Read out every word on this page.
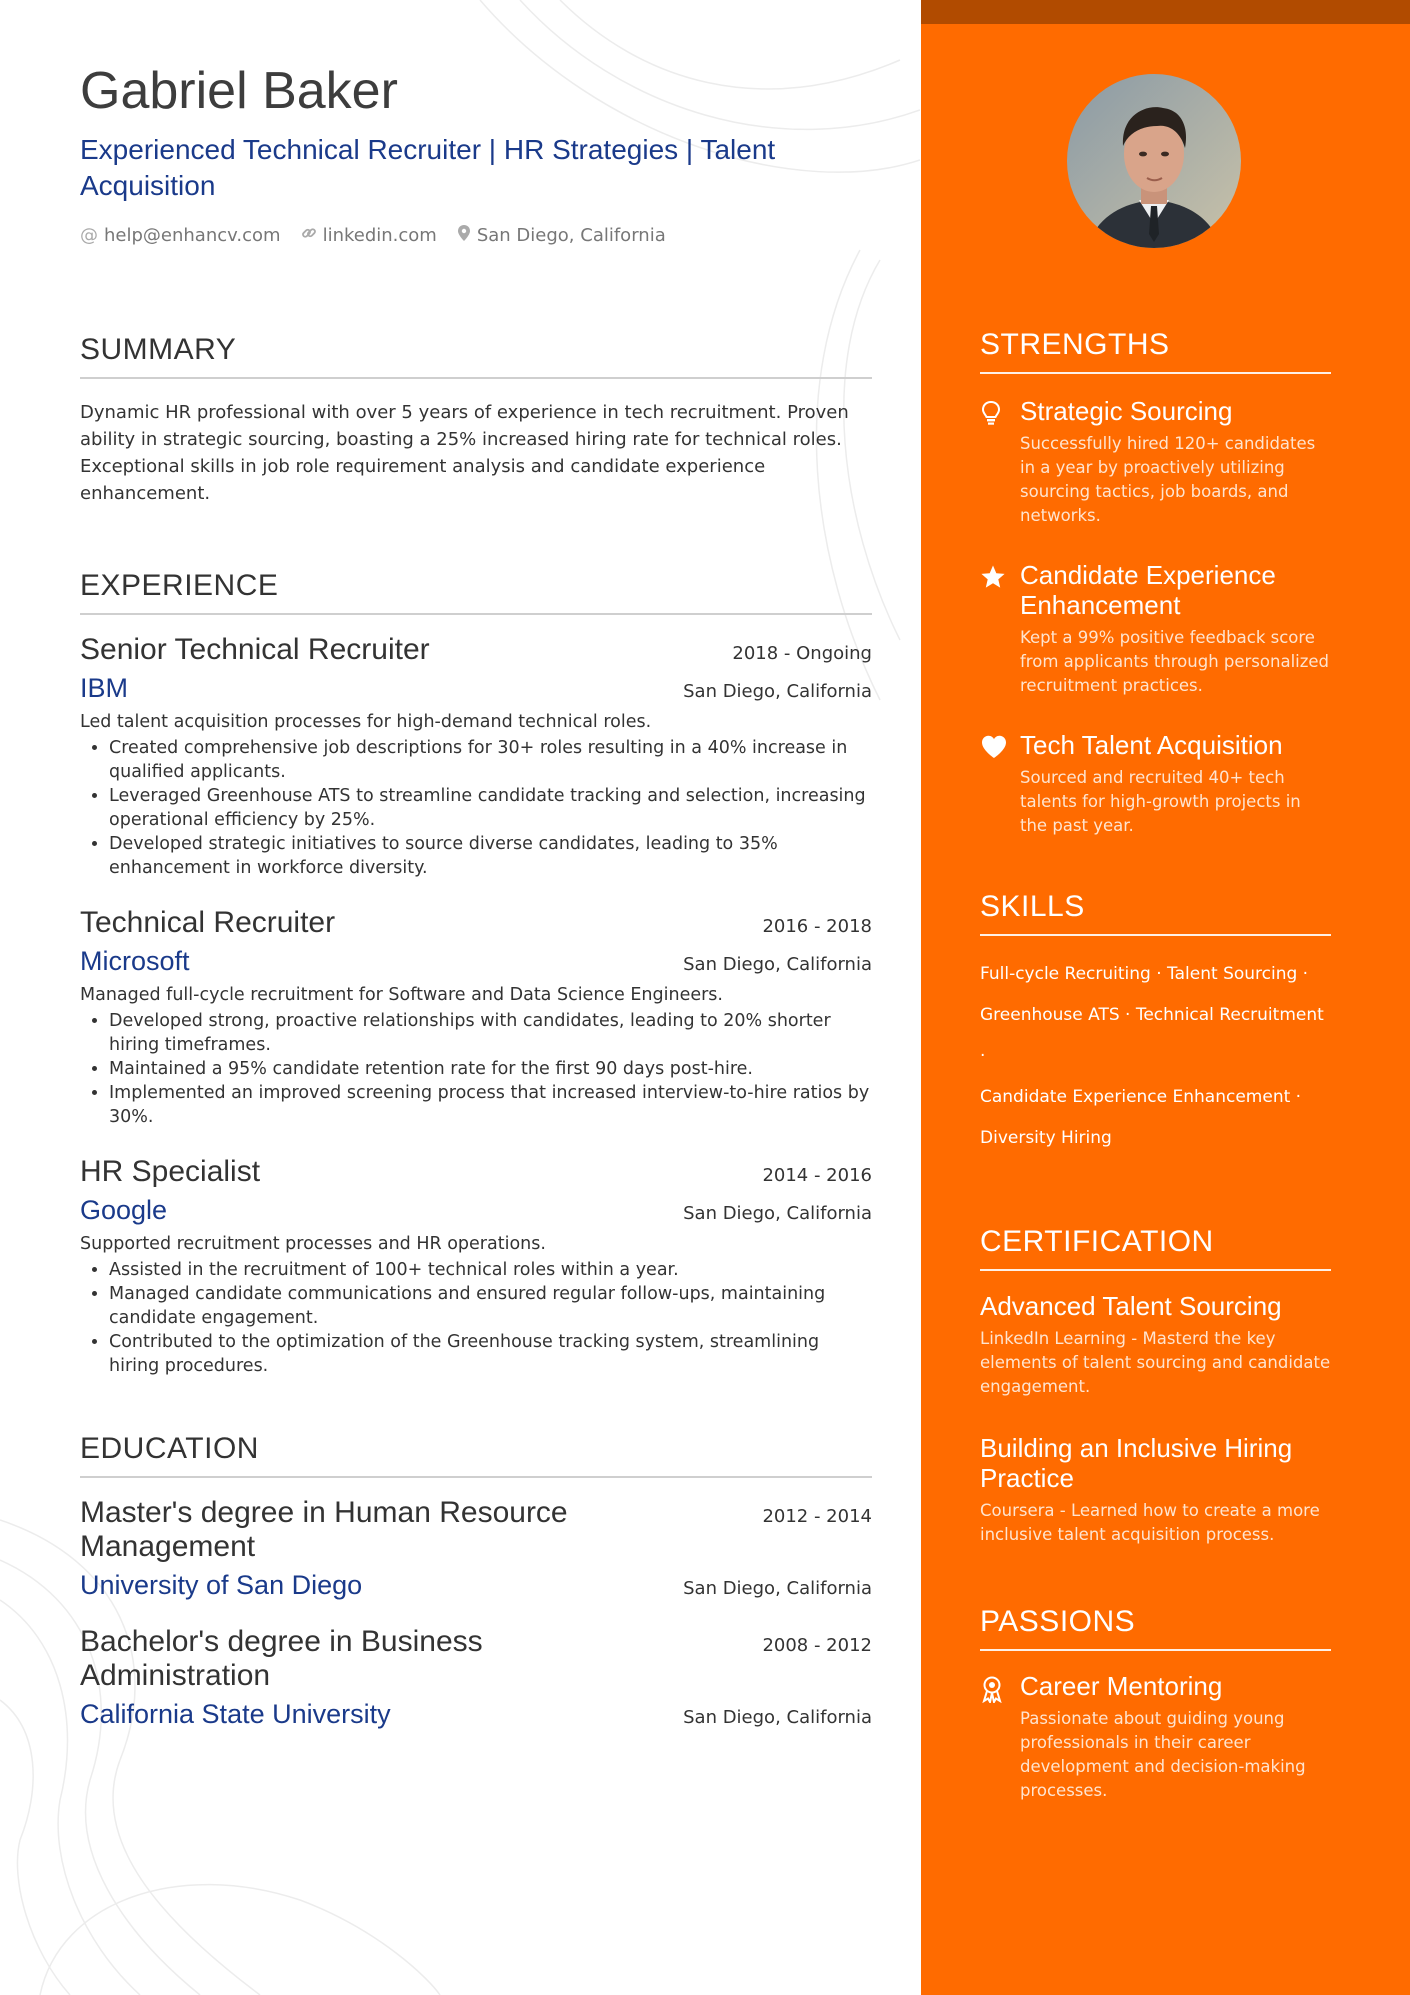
Gabriel Baker
Experienced Technical Recruiter | HR Strategies | Talent Acquisition
@ help@enhancv.com linkedin.com San Diego, California
SUMMARY
Dynamic HR professional with over 5 years of experience in tech recruitment. Proven ability in strategic sourcing, boasting a 25% increased hiring rate for technical roles. Exceptional skills in job role requirement analysis and candidate experience enhancement.
EXPERIENCE
Senior Technical Recruiter	2018 - Ongoing
IBM	San Diego, California
Led talent acquisition processes for high-demand technical roles.
• Created comprehensive job descriptions for 30+ roles resulting in a 40% increase in qualified applicants.
• Leveraged Greenhouse ATS to streamline candidate tracking and selection, increasing operational efficiency by 25%.
• Developed strategic initiatives to source diverse candidates, leading to 35% enhancement in workforce diversity.
Technical Recruiter	2016 - 2018
Microsoft	San Diego, California
Managed full-cycle recruitment for Software and Data Science Engineers.
• Developed strong, proactive relationships with candidates, leading to 20% shorter hiring timeframes.
• Maintained a 95% candidate retention rate for the first 90 days post-hire.
• Implemented an improved screening process that increased interview-to-hire ratios by 30%.
HR Specialist	2014 - 2016
Google	San Diego, California
Supported recruitment processes and HR operations.
• Assisted in the recruitment of 100+ technical roles within a year.
• Managed candidate communications and ensured regular follow-ups, maintaining candidate engagement.
• Contributed to the optimization of the Greenhouse tracking system, streamlining hiring procedures.
EDUCATION
Master's degree in Human Resource Management
2012 - 2014
University of San Diego	San Diego, California
Bachelor's degree in Business Administration
2008 - 2012
California State University	San Diego, California
STRENGTHS
Strategic Sourcing
Successfully hired 120+ candidates in a year by proactively utilizing sourcing tactics, job boards, and networks.
Candidate Experience Enhancement
Kept a 99% positive feedback score from applicants through personalized recruitment practices.
Tech Talent Acquisition
Sourced and recruited 40+ tech talents for high-growth projects in the past year.
SKILLS
Full-cycle Recruiting · Talent Sourcing ·
Greenhouse ATS · Technical Recruitment ·
Candidate Experience Enhancement ·
Diversity Hiring
CERTIFICATION
Advanced Talent Sourcing
LinkedIn Learning - Masterd the key elements of talent sourcing and candidate engagement.
Building an Inclusive Hiring Practice
Coursera - Learned how to create a more inclusive talent acquisition process.
PASSIONS
Career Mentoring
Passionate about guiding young professionals in their career development and decision-making processes.
